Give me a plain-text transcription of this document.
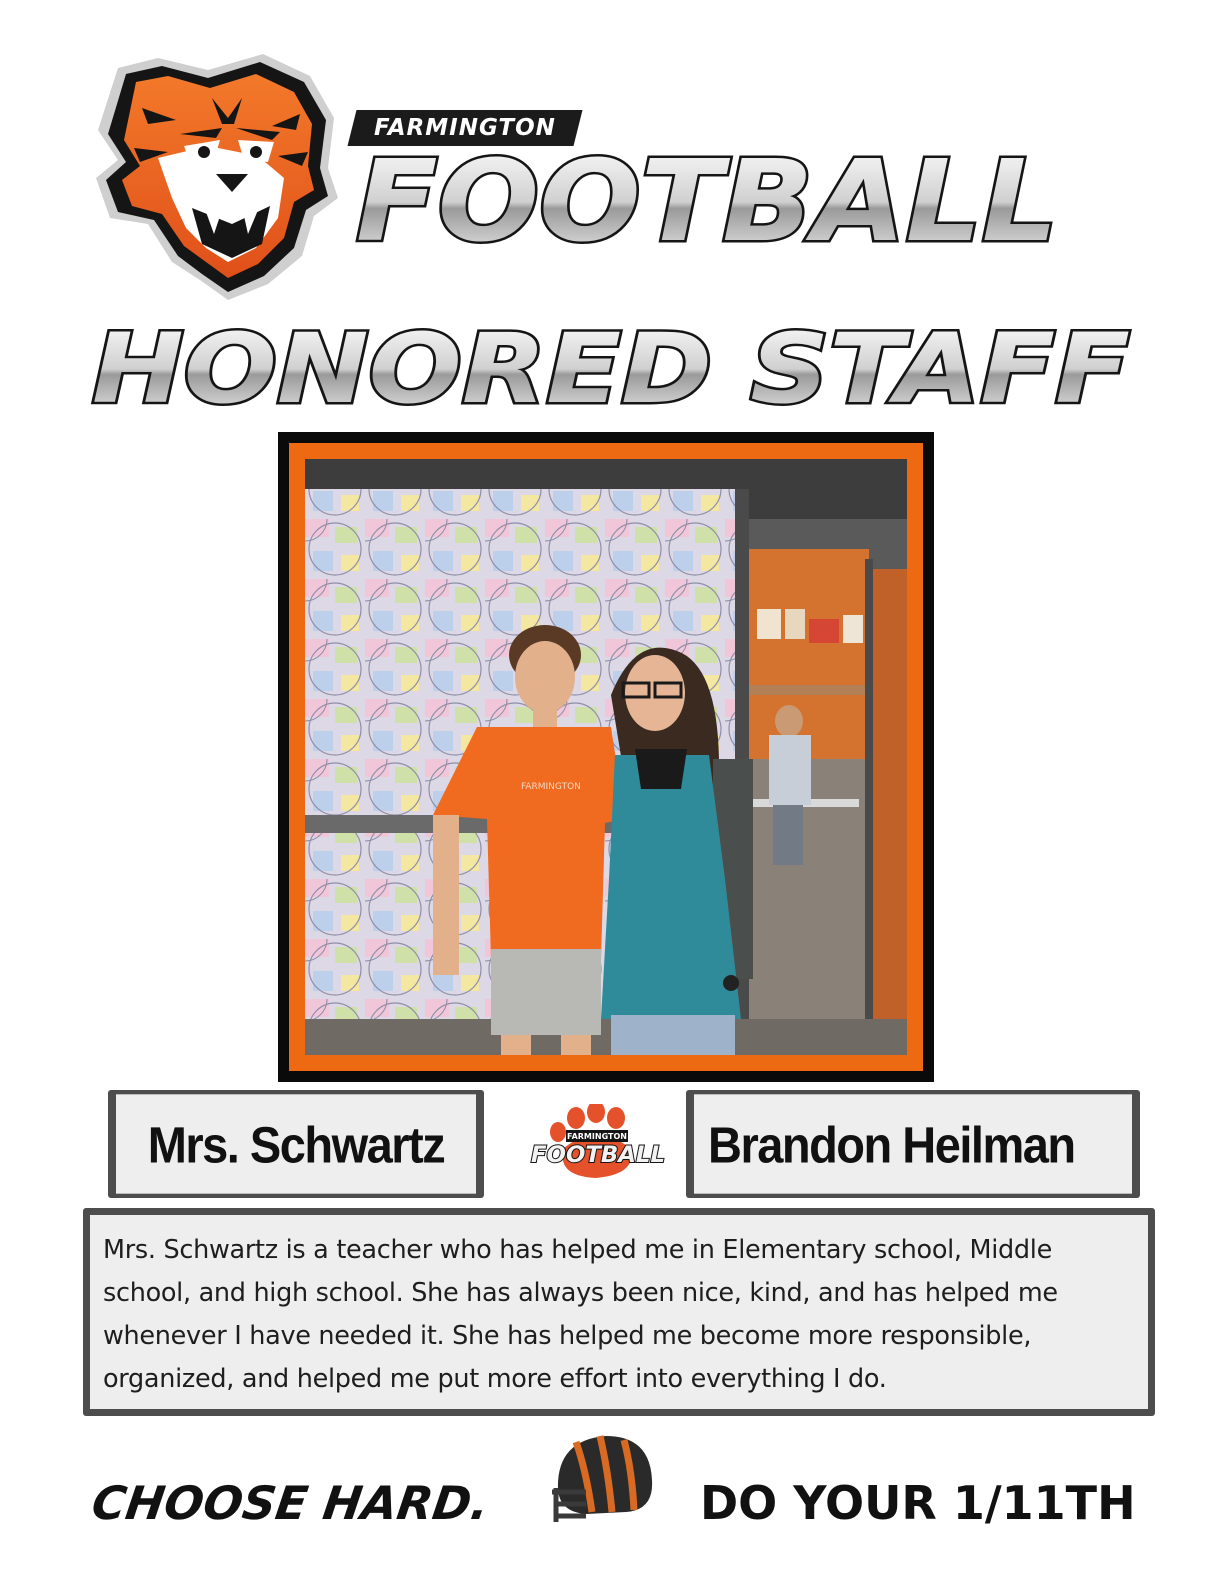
FARMINGTON
FOOTBALL
HONORED STAFF
FARMINGTON
Mrs. Schwartz	FARMINGTON
FOOTBALL Brandon Heilman

Mrs. Schwartz is a teacher who has helped me in Elementary school, Middle school, and high school. She has always been nice, kind, and has helped me whenever I have needed it. She has helped me become more responsible, organized, and helped me put more effort into everything I do.

CHOOSE HARD.	DO YOUR 1/11TH
